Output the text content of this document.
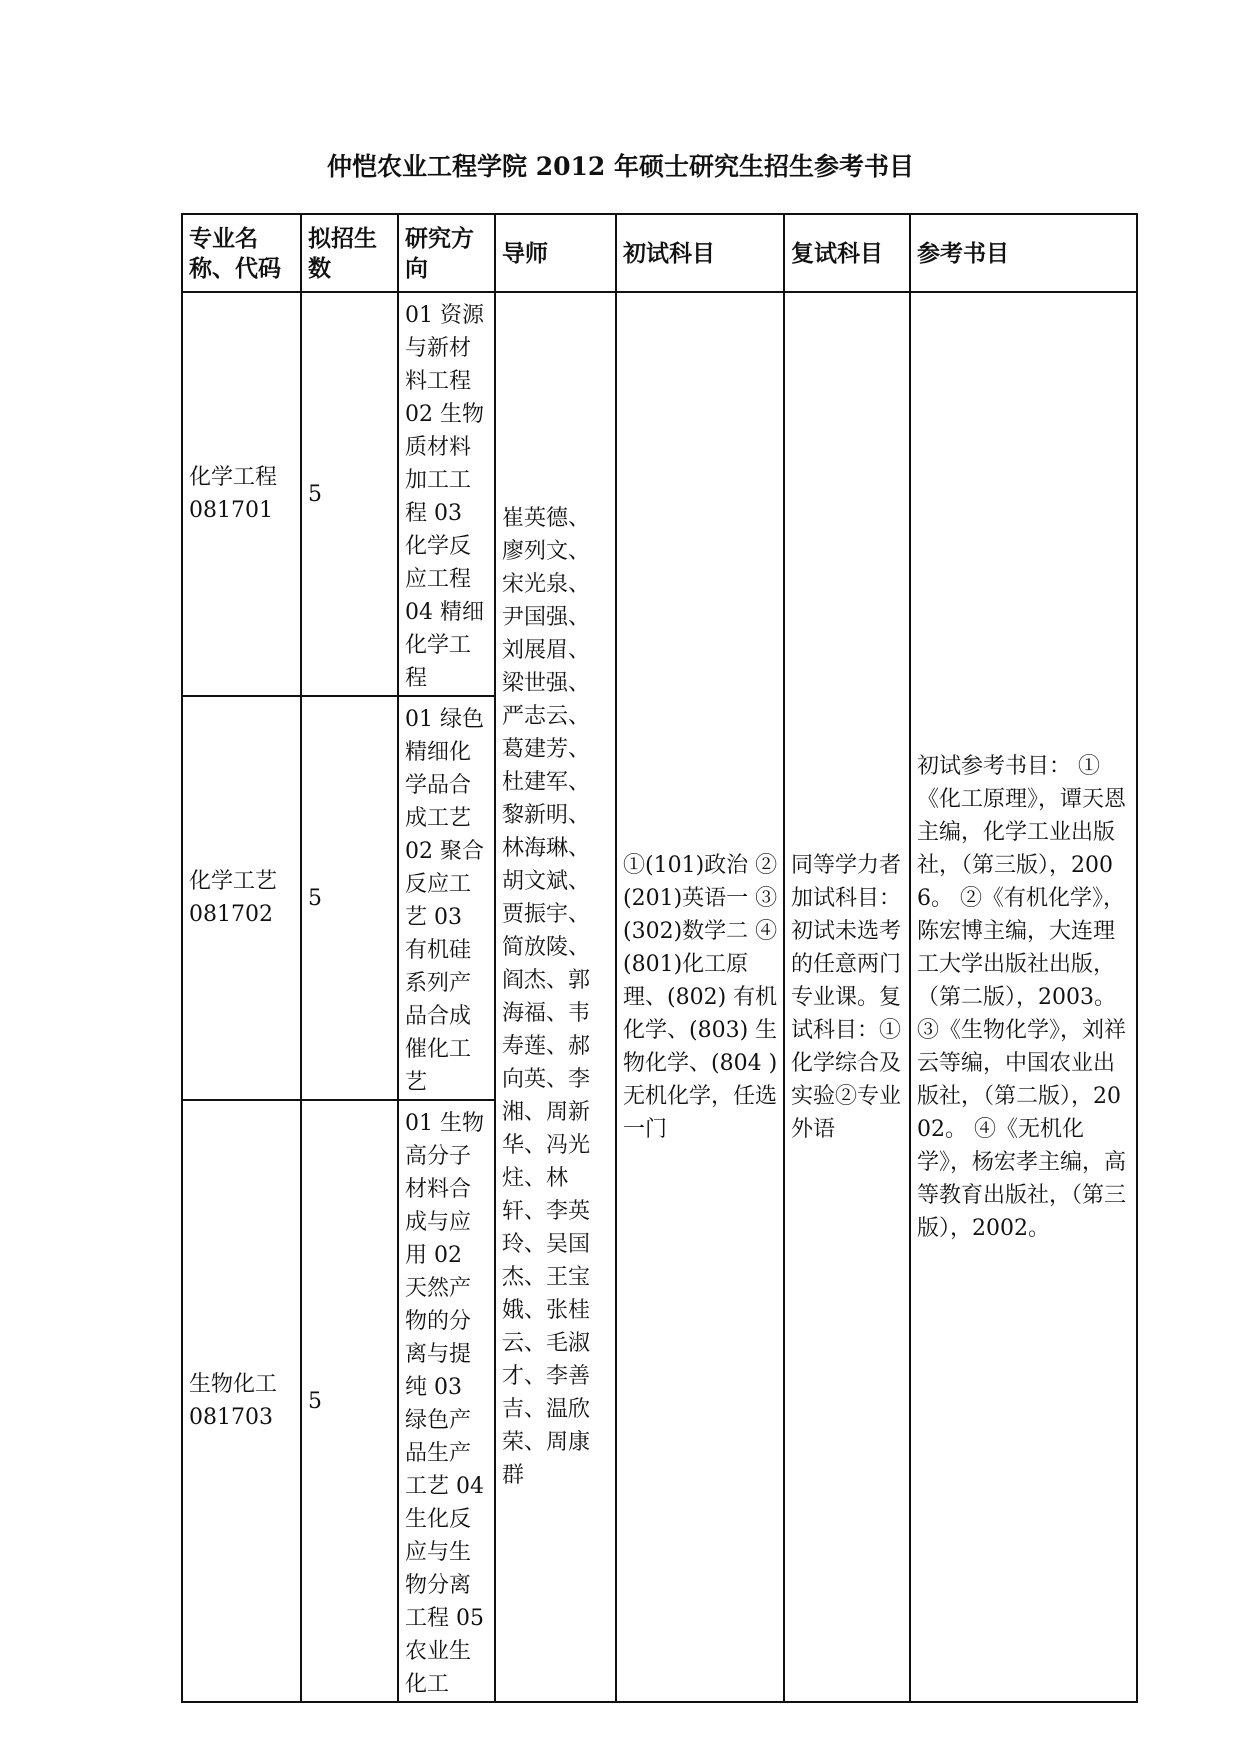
仲恺农业工程学院 2012 年硕士研究生招生参考书目
专业名称、代码	拟招生数	研究方向	导师	初试科目	复试科目	参考书目
化学工程 081701	5	01 资源与新材料工程 02 生物质材料加工工程 03 化学反应工程 04 精细化学工程	崔英德、廖列文、宋光泉、尹国强、刘展眉、梁世强、严志云、葛建芳、杜建军、黎新明、林海琳、胡文斌、贾振宇、简放陵、阎杰、郭海福、韦寿莲、郝向英、李湘、周新华、冯光炷、林轩、李英玲、吴国杰、王宝娥、张桂云、毛淑才、李善吉、温欣荣、周康群	①(101)政治 ②(201)英语一 ③(302)数学二 ④(801)化工原理、(802) 有机化学、(803) 生物化学、(804 ) 无机化学，任选一门	同等学力者加试科目：初试未选考的任意两门专业课。复试科目：①化学综合及实验②专业外语	初试参考书目： ①《化工原理》，谭天恩主编，化学工业出版社，（第三版），2006。 ②《有机化学》，陈宏博主编，大连理工大学出版社出版，（第二版），2003。 ③《生物化学》，刘祥云等编，中国农业出版社，（第二版），2002。 ④《无机化学》，杨宏孝主编，高等教育出版社，（第三版），2002。
化学工艺 081702	5	01 绿色精细化学品合成工艺 02 聚合反应工艺 03 有机硅系列产品合成催化工艺				
生物化工 081703	5	01 生物高分子材料合成与应用 02 天然产物的分离与提纯 03 绿色产品生产工艺 04 生化反应与生物分离工程 05 农业生化工				
